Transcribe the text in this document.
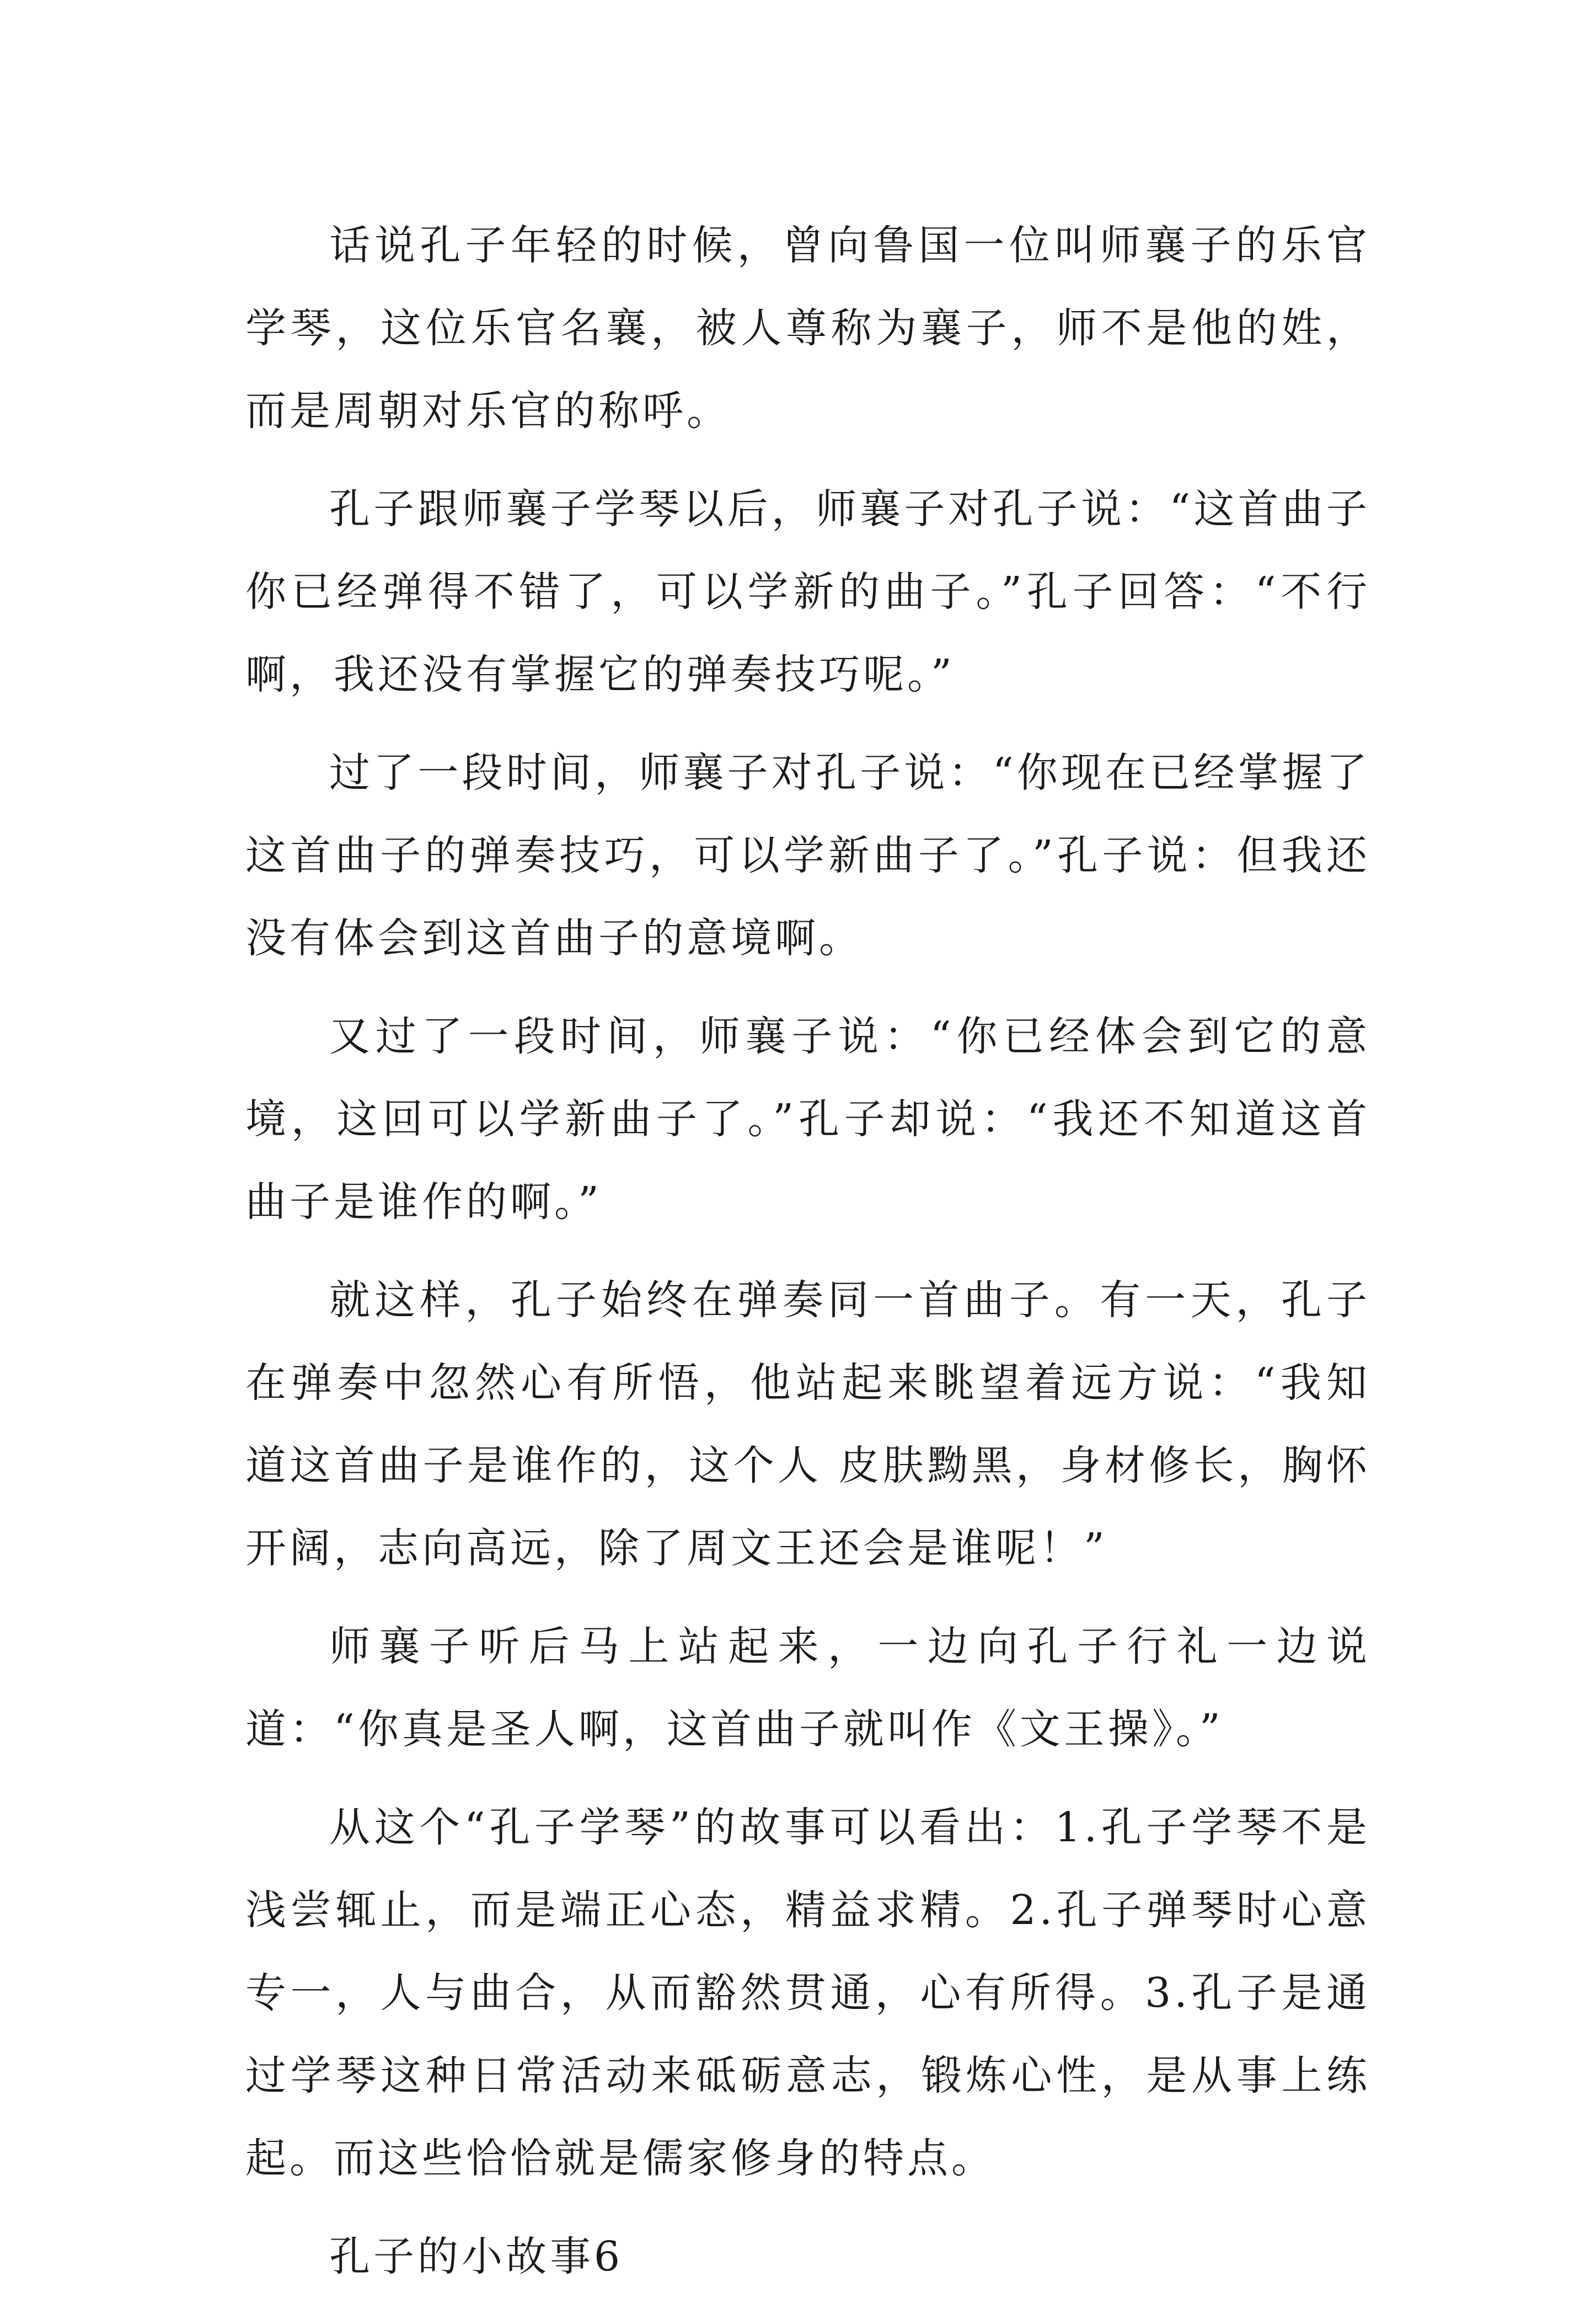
话说孔子年轻的时候，曾向鲁国一位叫师襄子的乐官学琴，这位乐官名襄，被人尊称为襄子，师不是他的姓，而是周朝对乐官的称呼。

孔子跟师襄子学琴以后，师襄子对孔子说：“这首曲子你已经弹得不错了，可以学新的曲子。”孔子回答：“不行啊，我还没有掌握它的弹奏技巧呢。”

过了一段时间，师襄子对孔子说：“你现在已经掌握了这首曲子的弹奏技巧，可以学新曲子了。”孔子说：但我还没有体会到这首曲子的意境啊。

又过了一段时间，师襄子说：“你已经体会到它的意境，这回可以学新曲子了。”孔子却说：“我还不知道这首曲子是谁作的啊。”

就这样，孔子始终在弹奏同一首曲子。有一天，孔子在弹奏中忽然心有所悟，他站起来眺望着远方说：“我知道这首曲子是谁作的，这个人 皮肤黝黑，身材修长，胸怀开阔，志向高远，除了周文王还会是谁呢！”

师襄子听后马上站起来，一边向孔子行礼一边说道：“你真是圣人啊，这首曲子就叫作《文王操》。”

从这个“孔子学琴”的故事可以看出：1.孔子学琴不是浅尝辄止，而是端正心态，精益求精。2.孔子弹琴时心意专一，人与曲合，从而豁然贯通，心有所得。3.孔子是通过学琴这种日常活动来砥砺意志，锻炼心性，是从事上练起。而这些恰恰就是儒家修身的特点。

孔子的小故事6
